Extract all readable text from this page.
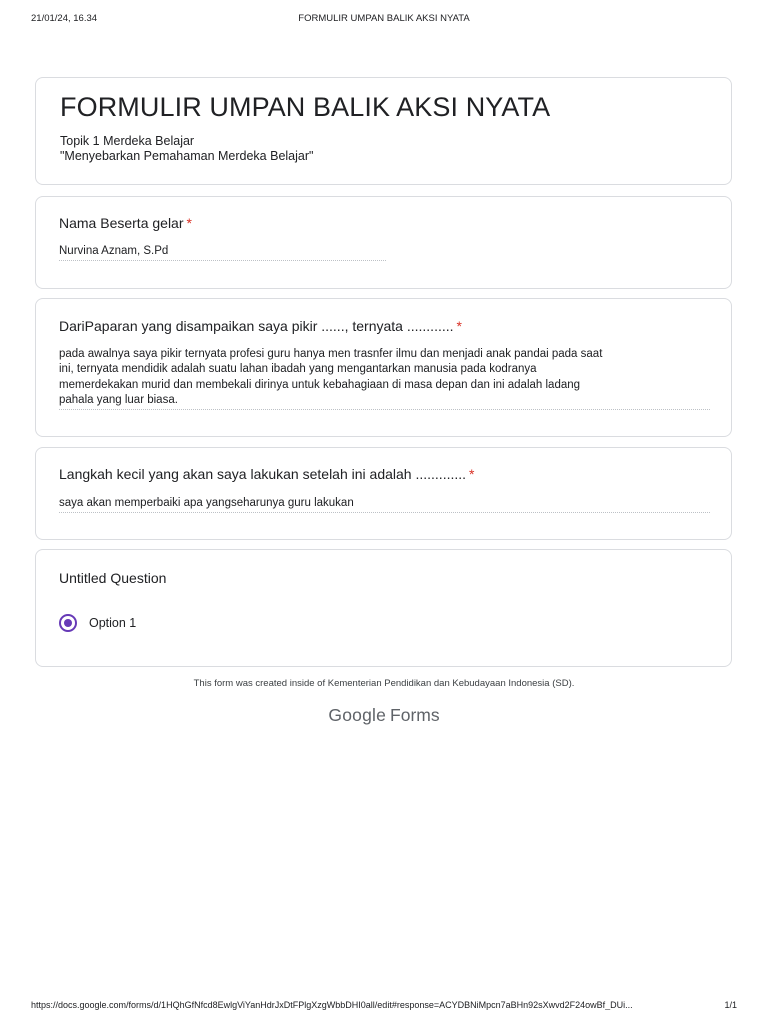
21/01/24, 16.34	FORMULIR UMPAN BALIK AKSI NYATA
FORMULIR UMPAN BALIK AKSI NYATA
Topik 1 Merdeka Belajar
"Menyebarkan Pemahaman Merdeka Belajar"
Nama Beserta gelar *
Nurvina Aznam, S.Pd
DariPaparan yang disampaikan saya pikir ......, ternyata ............ *
pada awalnya saya pikir ternyata profesi guru hanya men trasnfer ilmu dan menjadi anak pandai pada saat
ini, ternyata mendidik adalah suatu lahan ibadah yang mengantarkan manusia pada kodranya
memerdekakan murid dan membekali dirinya untuk kebahagiaan di masa depan dan ini adalah ladang
pahala yang luar biasa.
Langkah kecil yang akan saya lakukan setelah ini adalah ............. *
saya akan memperbaiki apa yangseharunya guru lakukan
Untitled Question
Option 1
This form was created inside of Kementerian Pendidikan dan Kebudayaan Indonesia (SD).
Google Forms
https://docs.google.com/forms/d/1HQhGfNfcd8EwlgViYanHdrJxDtFPlgXzgWbbDHI0all/edit#response=ACYDBNiMpcn7aBHn92sXwvd2F24owBf_DUi...	1/1
